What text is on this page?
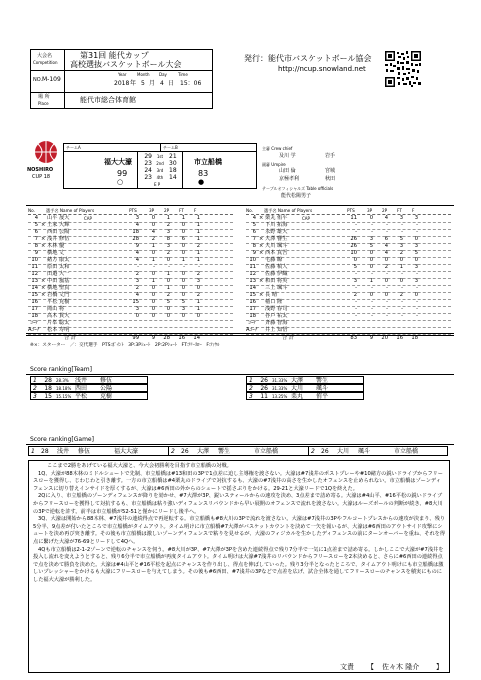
大会名
Competition
第31回 能代カップ
高校選抜バスケットボール大会
NO. M-109
Year	Month Day	Time
2018 年 5 月 4 日 15：06
場 所
Place	能代市総合体育館
発行：能代市バスケットボール協会
http://ncup.snowland.net
NOSHIRO
CUP 18
チームA	チームB
福大大濠	市立船橋
99	83
○	●
29	1st 21
23	2nd 30
24	3rd 18
23	4th 14
E P
主審 Crew chief
及川 学	岩手
副審 Umpire
山田 倫	宮城
京極孝利	秋田
テーブルオフィシャルズ Table officials
能代松陽男子
No.	選手名 Name of Players	PTS	3P 2P FT F
4 山平 晟大	CAP	3	0	1	1	1
5 × 土家 大輝	4	0	2	0	1
6 西田 公陽	18	4	3	0	1
7 × 浅井 修伍	28	2	8	6	1
8 × 木林 優	9	1	3	0	2
9 横地 丈	4	0	2	0	1
10 緒方 康太	4	1	0	1	1
11 原田 太和	-	-	-	-	-
12 田邉 大一	2	0	1	0	2
13 × 中田 嵐基	3	1	0	0	3
14 × 横地 聖真	2	0	1	0	0
15 × 岩橋 丈門	4	0	2	0	2
16 平松 克樹	15	0	5	5	1
17 岡山 将	3	0	0	3	1
18 高木 貫大	0	0	0	0	0
ｺｰﾁ 片峯 聡太
Aｺｰﾁ 松本 寿明
合 計	99	9	28	16	14
No.	選手名 Name of Players	PTS	3P 2P FT F
4 × 栗丸 侑平	CAP	11	0	4	3	3
5 下川 拓海	-	-	-	-	-
6 永野 雄大	-	-	-	-	-
7 × 大澤 響生	26	3	6	5	0
8 × 大川 颯斗	26	5	4	3	3
9 × 西本 真吾	10	0	4	2	5
10 宅藤 瞭	0	0	0	0	0
11 佐藤 槙人	5	0	2	1	3
12 佐藤 伊織	-	-	-	-	-
13 × 和田 将英	3	1	0	0	3
14 三上 颯斗	-	-	-	-	-
15 × 長 晴	2	0	0	2	0
16 稲口 隆	-	-	-	-	-
17 浅野 春司	-	-	-	-	-
18 谷戸 祐太	-	-	-	-	-
ｺｰﾁ 斉藤 智海
Aｺｰﾁ 井上 知悟
合 計	83	9	20	16	18
※×：スターター　／：交代選手　PTS:ﾎﾟｲﾝﾄ　3P:3Pｼｭｰﾄ　2P:2Pｼｭｰﾄ　FT:ﾌﾘｰｽﾛｰ　F:ﾌｧｳﾙ
Score ranking[Team]
1	28 28.3% 浅井 修伍
2	18 18.18% 西田 公陽
3	15 15.15% 平松 克樹
1	26 31.33% 大澤 響生
2	26 31.33% 大川 颯斗
3	11 13.25% 栗丸 侑平
Score ranking[Game]
1 28 浅井 修伍	福大大濠	2 26 大澤 響生	市立船橋	2 26 大川 颯斗	市立船橋

ここまで2勝をあげている福大大濠と、今大会初勝利を目指す市立船橋の対戦。

1Q、大濠が88木林のミドルシュートで先制、市立船橋は#13和田の3Pで1点差に迫し主導権を渡さない。大濠は#7浅井のポストプレーや#10緒方の鋭いドライブからフリースローを獲得し、じわじわと引き離す。一方の市立船橋は#4栗丸のドライブで対抗するも、大濠の#7浅井の高さを生かしたオフェンスを止められない。市立船橋はゾーンディフェンスに切り替えインサイドを厚くするが、大濠は#6西田の外からのシュートで揺さぶりをかける。29-21と大濠リードで1Qを終えた。

2Qに入り、市立船橋のゾーンディフェンスが降りを効かせ、#7大澤が3P、鋭いスティールからの速攻を決め、3点差まで詰め寄る。大濠は#4山平、#16平松の鋭いドライブからフリースローを獲得して対抗するも、市立船橋は粘り強いディフェンスリバウンドから早い展開のオフェンスで流れを渡さない。大濠はルーズボールの判断が続き、#8大川の3Pで逆転を許す。前半は市立船橋が52-51と僅かにリードし後半へ。

3Q、大濠は開始から88木林、#7浅井の連続得点で再逆転する。市立船橋も#8大川の3Pで流れを渡さない。大濠は#7浅井の3Pやフルコートプレスからの速攻が決まり、残り5分半、9点差が付いたところで市立船橋がタイムアウト。タイム明けに市立船橋#7大澤がバスケットカウントを決めて一矢を報いるが、大濠は#6西田のアウトサイド攻撃にシュートを決め再び突き離す。その後も市立船橋は激しいゾーンディフェンスで粘りを見せるが、大濠のフィジカルを生かしたディフェンスの前にターンオーバーを重ね、それを得点に繋げた大濠が76-69とリードして4Qへ。

4Qも市立船橋は2-1-2ゾーンで逆転のチャンスを伺う。#8大川が3P、#7大澤が3Pを含めた連続得点で残り7分半で一気に1点差まで詰め寄る。しかしここで大濠が#7浅井を投入し流れを変えようとすると、残り6分半で市立船橋が再度タイムアウト。タイム明けは大濠#7浅井のリバウンドからフリースローを2本決めると、さらに#6西田の連続得点で点を決めて勝負を決めた。大濠は#4山平と#16平松を起点にチャンスを作り出し、得点を伸ばしていった。残り3分半となったところで、タイムアウト明けにも市立船橋は激しいプレッシャーをかけるも大濠にフリースローを与えてしまう。その後も#6西田、#7浅井の3Pなどで点差を広げ、試合全体を通してフリースローのチャンスを積実にものにした福大大濠が勝利した。

文責 【 佐々木 隆介 】
